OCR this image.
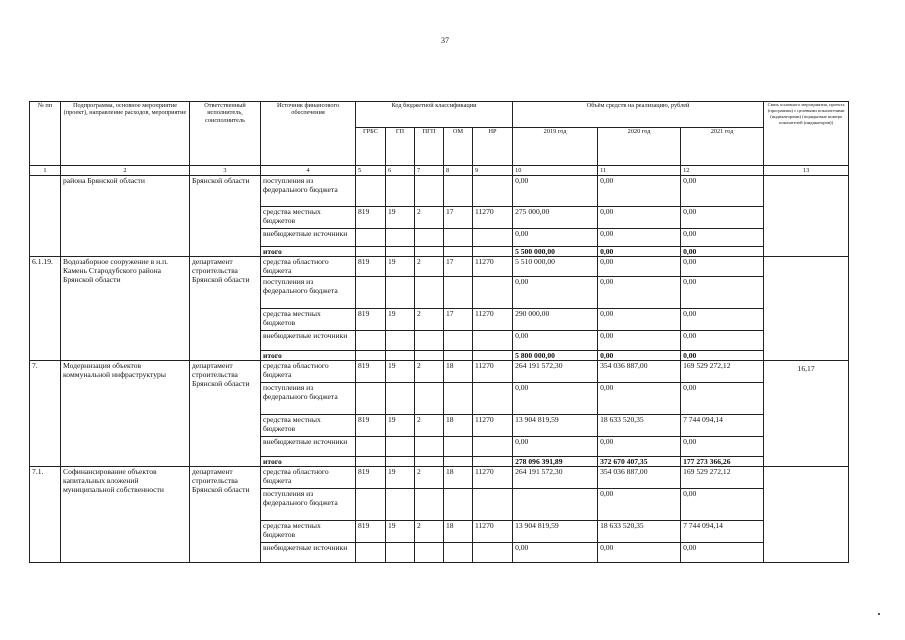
37
№ пп	Подпрограмма, основное мероприятие (проект), направление расходов, мероприятие	Ответственный исполнитель, соисполнитель	Источник финансового обеспечения	Код бюджетной классификации					Объём средств на реализацию, рублей			Связь основного мероприятия, проекта (программы) с целевыми показателями (индикаторами) (порядковые номера показателей (индикаторов))
				ГРБС	ГП	ПГП	ОМ	НР	2019 год	2020 год	2021 год	
1	2	3	4	5	6	7	8	9	10	11	12	13
	района Брянской области	Брянской области	поступления из федерального бюджета						0,00	0,00	0,00	
			средства местных бюджетов	819	19	2	17	11270	275 000,00	0,00	0,00	
			внебюджетные источники						0,00	0,00	0,00	
			итого						5 500 000,00	0,00	0,00	
6.1.19.	Водозаборное сооружение в н.п. Камень Стародубского района Брянской области	департамент строительства Брянской области	средства областного бюджета	819	19	2	17	11270	5 510 000,00	0,00	0,00	
			поступления из федерального бюджета						0,00	0,00	0,00	
			средства местных бюджетов	819	19	2	17	11270	290 000,00	0,00	0,00	
			внебюджетные источники						0,00	0,00	0,00	
			итого						5 800 000,00	0,00	0,00	
7.	Модернизация объектов коммунальной инфраструктуры	департамент строительства Брянской области	средства областного бюджета	819	19	2	18	11270	264 191 572,30	354 036 887,00	169 529 272,12	16,17
			поступления из федерального бюджета						0,00	0,00	0,00	
			средства местных бюджетов	819	19	2	18	11270	13 904 819,59	18 633 520,35	7 744 094,14	
			внебюджетные источники						0,00	0,00	0,00	
			итого						278 096 391,89	372 670 407,35	177 273 366,26	
7.1.	Софинансирование объектов капитальных вложений муниципальной собственности	департамент строительства Брянской области	средства областного бюджета	819	19	2	18	11270	264 191 572,30	354 036 887,00	169 529 272,12	
			поступления из федерального бюджета							0,00	0,00	
			средства местных бюджетов	819	19	2	18	11270	13 904 819,59	18 633 520,35	7 744 094,14	
			внебюджетные источники						0,00	0,00	0,00	
